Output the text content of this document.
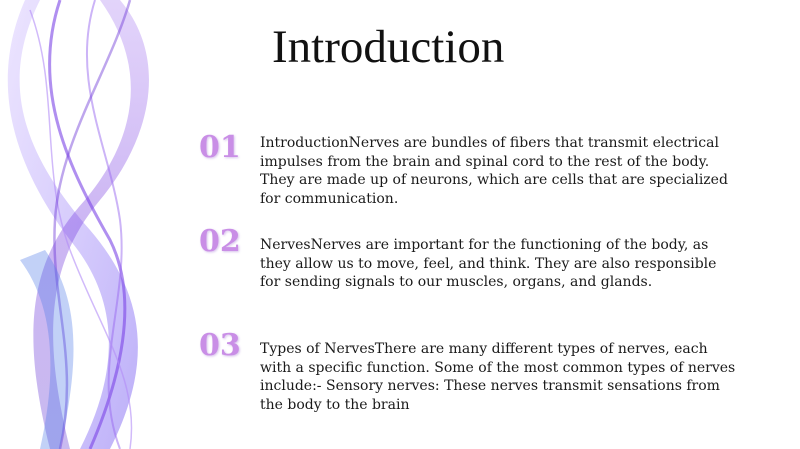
Introduction
01 IntroductionNerves are bundles of fibers that transmit electrical impulses from the brain and spinal cord to the rest of the body. They are made up of neurons, which are cells that are specialized for communication.
02 NervesNerves are important for the functioning of the body, as they allow us to move, feel, and think. They are also responsible for sending signals to our muscles, organs, and glands.
03 Types of NervesThere are many different types of nerves, each with a specific function. Some of the most common types of nerves include:- Sensory nerves: These nerves transmit sensations from the body to the brain
